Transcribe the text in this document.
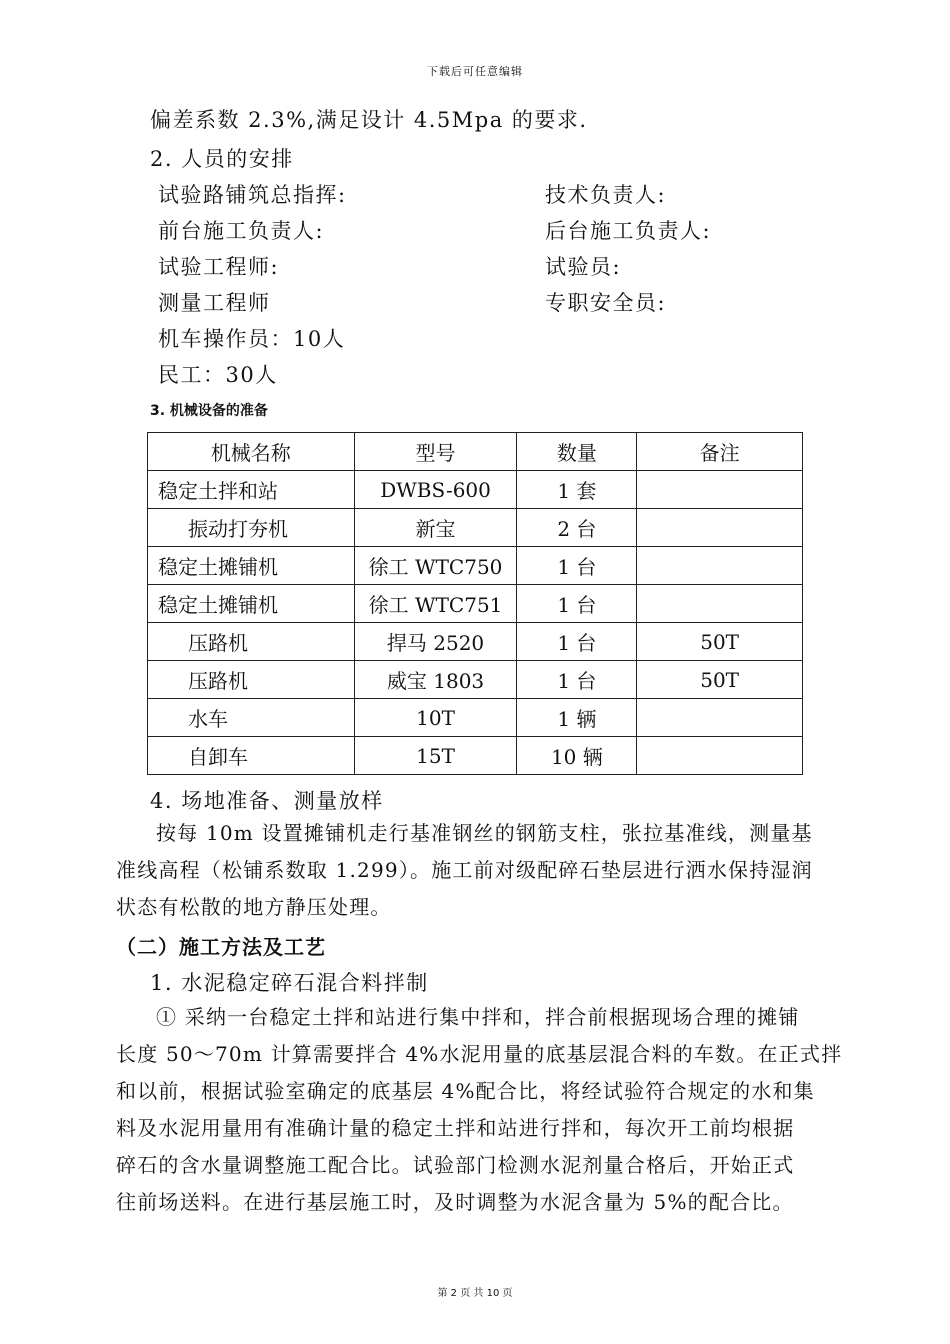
下载后可任意编辑
偏差系数 2.3%,满足设计 4.5Mpa 的要求.
2. 人员的安排
试验路铺筑总指挥:	技术负责人:
前台施工负责人:	后台施工负责人:
试验工程师:	试验员:
测量工程师	专职安全员:
机车操作员：10人
民工：30人
3. 机械设备的准备
机械名称	型号	数量	备注
稳定土拌和站	DWBS-600	1 套	
振动打夯机	新宝	2 台	
稳定土摊铺机	徐工 WTC750	1 台	
稳定土摊铺机	徐工 WTC751	1 台	
压路机	捍马 2520	1 台	50T
压路机	威宝 1803	1 台	50T
水车	10T	1 辆	
自卸车	15T	10 辆	
4. 场地准备、测量放样
按每 10m 设置摊铺机走行基准钢丝的钢筋支柱，张拉基准线，测量基
准线高程（松铺系数取 1.299）。施工前对级配碎石垫层进行洒水保持湿润
状态有松散的地方静压处理。
（二）施工方法及工艺
1. 水泥稳定碎石混合料拌制
① 采纳一台稳定土拌和站进行集中拌和，拌合前根据现场合理的摊铺
长度 50～70m 计算需要拌合 4%水泥用量的底基层混合料的车数。在正式拌
和以前，根据试验室确定的底基层 4%配合比，将经试验符合规定的水和集
料及水泥用量用有准确计量的稳定土拌和站进行拌和，每次开工前均根据
碎石的含水量调整施工配合比。试验部门检测水泥剂量合格后，开始正式
往前场送料。在进行基层施工时，及时调整为水泥含量为 5%的配合比。
第 2 页 共 10 页
